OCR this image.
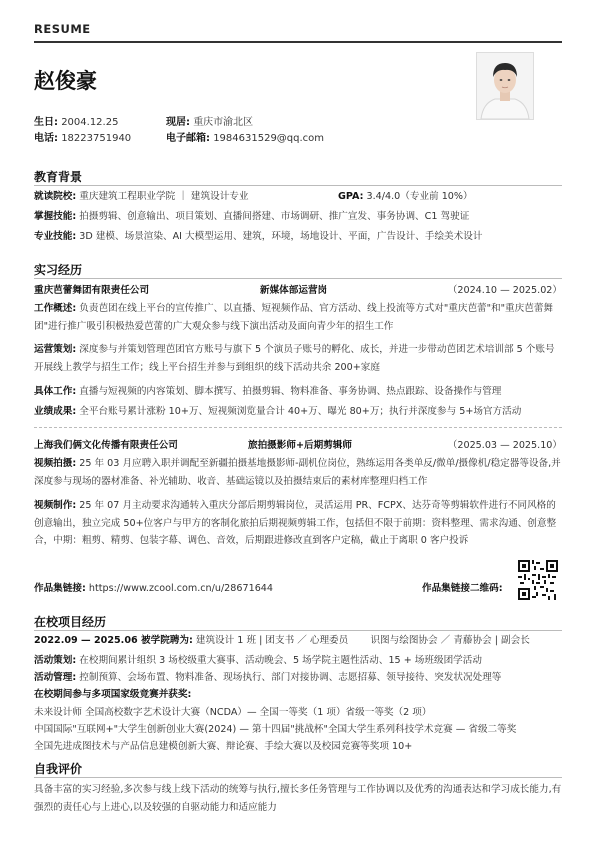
RESUME
赵俊豪
生日: 2004.12.25	现居: 重庆市渝北区
电话: 18223751940	电子邮箱: 1984631529@qq.com
教育背景
就读院校: 重庆建筑工程职业学院 ｜ 建筑设计专业	GPA: 3.4/4.0（专业前 10%）
掌握技能: 拍摄剪辑、创意输出、项目策划、直播间搭建、市场调研、推广宣发、事务协调、C1 驾驶证
专业技能: 3D 建模、场景渲染、AI 大模型运用、建筑，环境，场地设计、平面，广告设计、手绘美术设计
实习经历
重庆芭蕾舞团有限责任公司	新媒体部运营岗	（2024.10 — 2025.02）
工作概述: 负责芭团在线上平台的宣传推广、以直播、短视频作品、官方活动、线上投流等方式对"重庆芭蕾"和"重庆芭蕾舞团"进行推广吸引积极热爱芭蕾的广大观众参与线下演出活动及面向青少年的招生工作
运营策划: 深度参与并策划管理芭团官方账号与旗下 5 个演员子账号的孵化、成长，并进一步带动芭团艺术培训部 5 个账号开展线上教学与招生工作；线上平台招生并参与到组织的线下活动共余 200+家庭
具体工作: 直播与短视频的内容策划、脚本撰写、拍摄剪辑、物料准备、事务协调、热点跟踪、设备操作与管理
业绩成果: 全平台账号累计涨粉 10+万、短视频浏览量合计 40+万、曝光 80+万；执行并深度参与 5+场官方活动
上海我们俩文化传播有限责任公司	旅拍摄影师+后期剪辑师	（2025.03 — 2025.10）
视频拍摄: 25 年 03 月应聘入职并调配至新疆拍摄基地摄影师-副机位岗位，熟练运用各类单反/微单/摄像机/稳定器等设备,并深度参与现场的器材准备、补光辅助、收音、基础运镜以及拍摄结束后的素材库整理归档工作
视频制作: 25 年 07 月主动要求沟通转入重庆分部后期剪辑岗位，灵活运用 PR、FCPX、达芬奇等剪辑软件进行不同风格的创意输出，独立完成 50+位客户与甲方的客制化旅拍后期视频剪辑工作，包括但不限于前期：资料整理、需求沟通、创意整合，中期：粗剪、精剪、包装字幕、调色、音效，后期跟进修改直到客户定稿，截止于离职 0 客户投诉
作品集链接: https://www.zcool.com.cn/u/28671644	作品集链接二维码:
在校项目经历
2022.09 — 2025.06 被学院聘为: 建筑设计 1 班 | 团支书 ／ 心理委员 　　识图与绘图协会 ／ 青藤协会 | 副会长
活动策划: 在校期间累计组织 3 场校级重大赛事、活动晚会、5 场学院主题性活动、15 + 场班级团学活动
活动管理: 控制预算、会场布置、物料准备、现场执行、部门对接协调、志愿招募、领导接待、突发状况处理等
在校期间参与多项国家级竞赛并获奖:
未来设计师 全国高校数字艺术设计大赛（NCDA）— 全国一等奖（1 项）省级一等奖（2 项）
中国国际"互联网+"大学生创新创业大赛(2024) — 第十四届"挑战杯"全国大学生系列科技学术竞赛 — 省级二等奖
全国先进成图技术与产品信息建模创新大赛、辩论赛、手绘大赛以及校园竞赛等奖项 10+
自我评价
具备丰富的实习经验,多次参与线上线下活动的统筹与执行,擅长多任务管理与工作协调以及优秀的沟通表达和学习成长能力,有强烈的责任心与上进心,以及较强的自驱动能力和适应能力
